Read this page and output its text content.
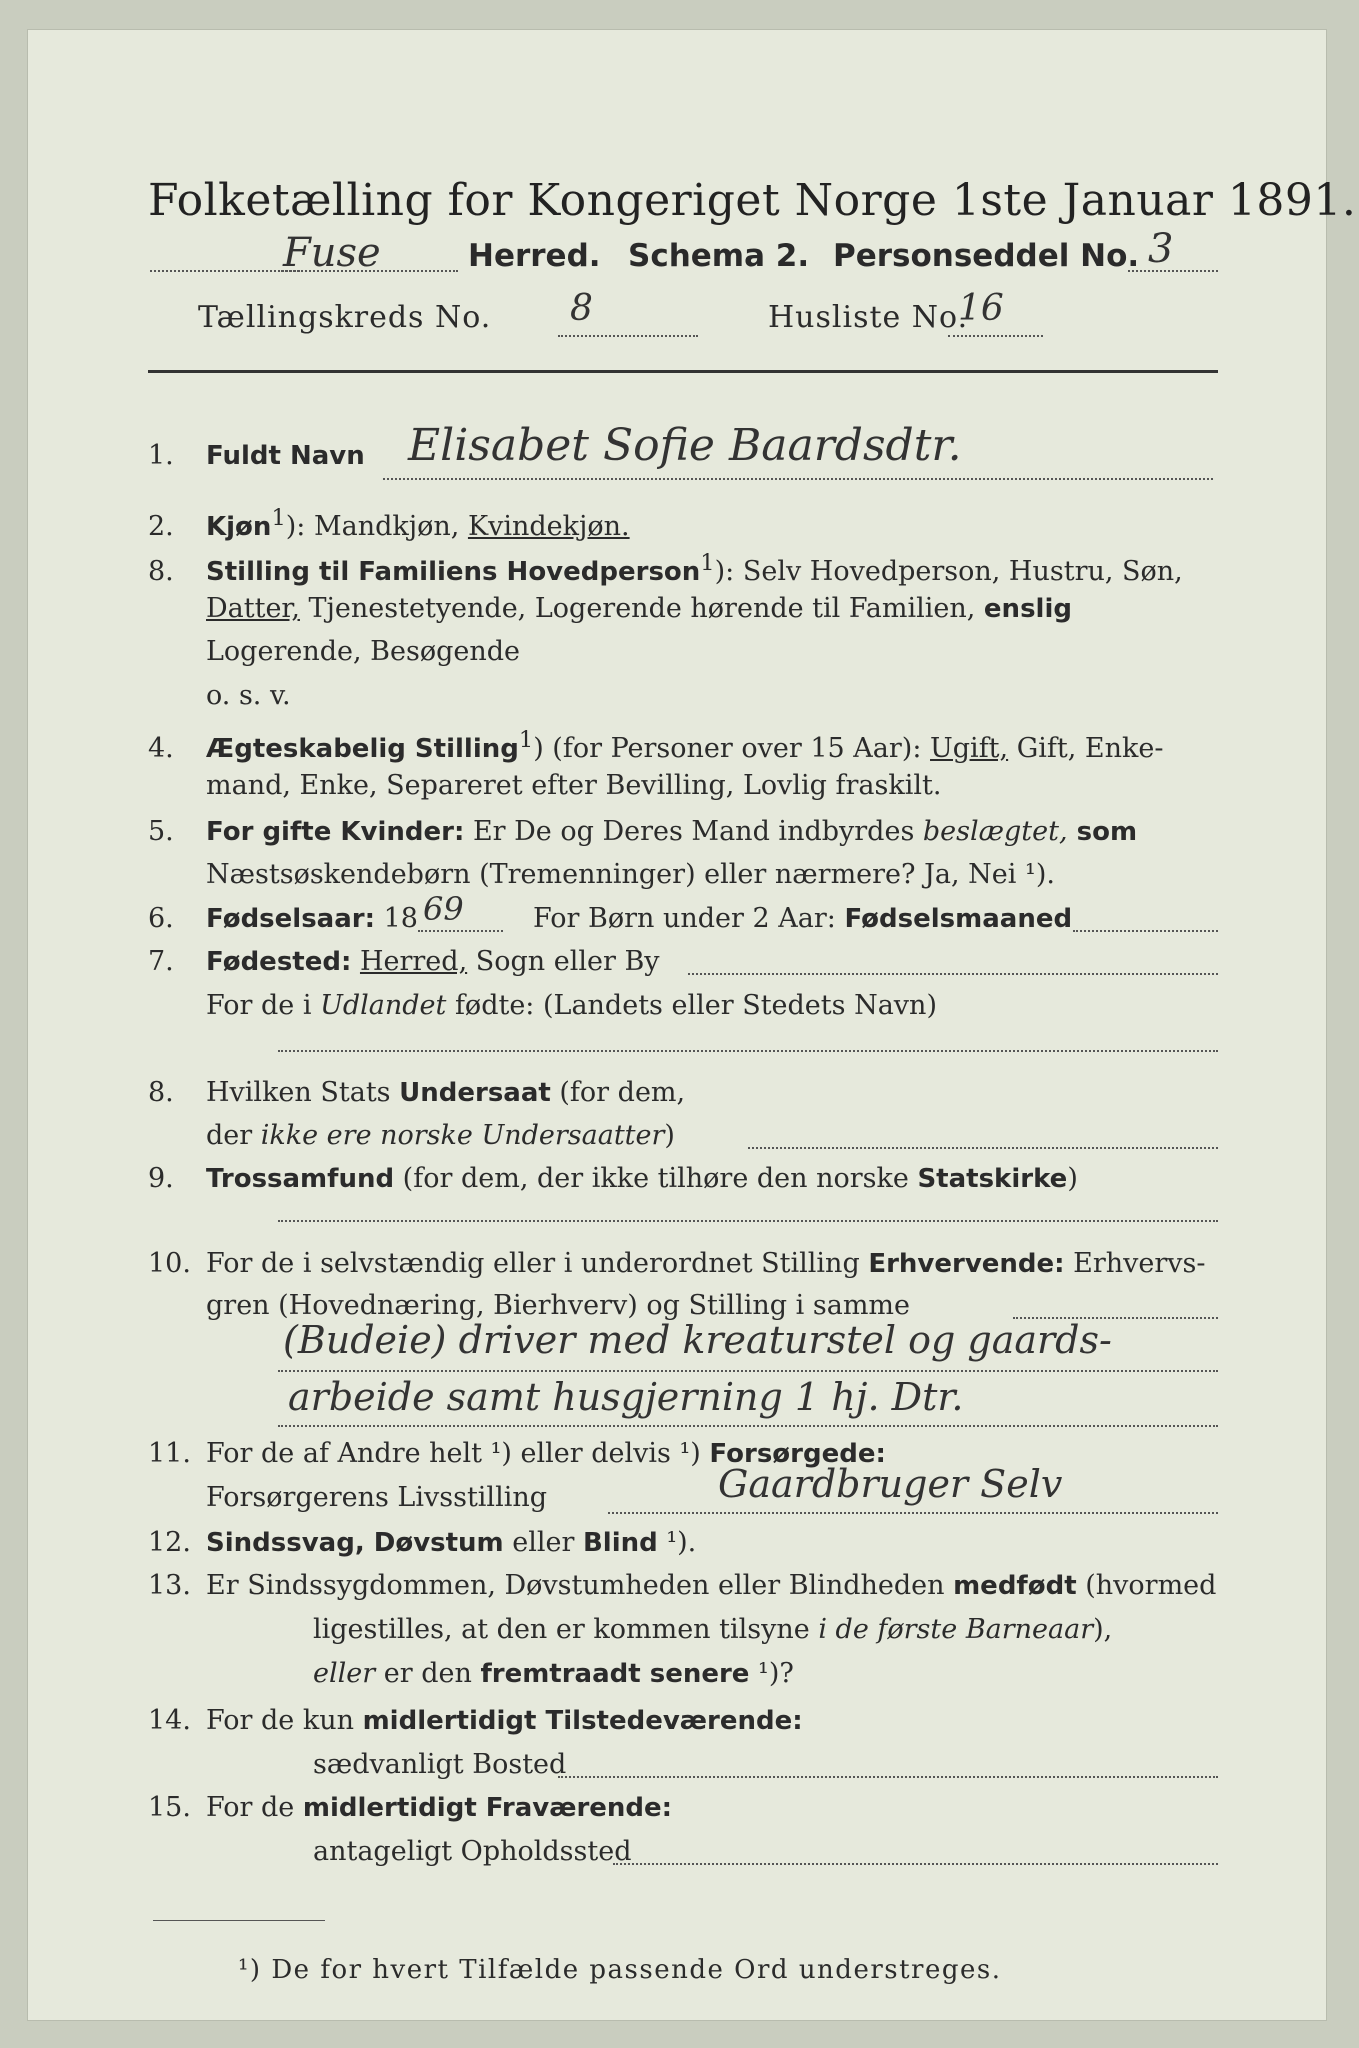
Folketælling for Kongeriget Norge 1ste Januar 1891.
Fuse	Herred. Schema 2. Personseddel No. 3
Tællingskreds No. 8	Husliste No.
16
1. Fuldt Navn Elisabet Sofie Baardsdtr.
2. Kjøn$^1$): Mandkjøn, Kvindekjøn.
8. Stilling til Familiens Hovedperson$^1$): Selv Hovedperson, Hustru, Søn,
Datter, Tjenestetyende, Logerende hørende til Familien, enslig
Logerende, Besøgende
o. s. v.
4. Ægteskabelig Stilling$^1$) (for Personer over 15 Aar): Ugift, Gift, Enke-
mand, Enke, Separeret efter Bevilling, Lovlig fraskilt.
5. For gifte Kvinder: Er De og Deres Mand indbyrdes beslægtet, som
Næstsøskendebørn (Tremenninger) eller nærmere? Ja, Nei ¹).
6. Fødselsaar: 18 69	For Børn under 2 Aar: Fødselsmaaned
7. Fødested: Herred, Sogn eller By
For de i Udlandet fødte: (Landets eller Stedets Navn)
8. Hvilken Stats Undersaat (for dem,
der ikke ere norske Undersaatter)
9. Trossamfund (for dem, der ikke tilhøre den norske Statskirke)
10. For de i selvstændig eller i underordnet Stilling Erhvervende: Erhvervs-
gren (Hovednæring, Bierhverv) og Stilling i samme
(Budeie) driver med kreaturstel og gaards-
arbeide samt husgjerning 1 hj. Dtr.
11. For de af Andre helt ¹) eller delvis ¹) Forsørgede:
Forsørgerens Livsstilling	Gaardbruger Selv
12. Sindssvag, Døvstum eller Blind ¹).
13. Er Sindssygdommen, Døvstumheden eller Blindheden medfødt (hvormed
ligestilles, at den er kommen tilsyne i de første Barneaar),
eller er den fremtraadt senere ¹)?
14. For de kun midlertidigt Tilstedeværende:
sædvanligt Bosted
15. For de midlertidigt Fraværende:
antageligt Opholdssted
¹) De for hvert Tilfælde passende Ord understreges.
